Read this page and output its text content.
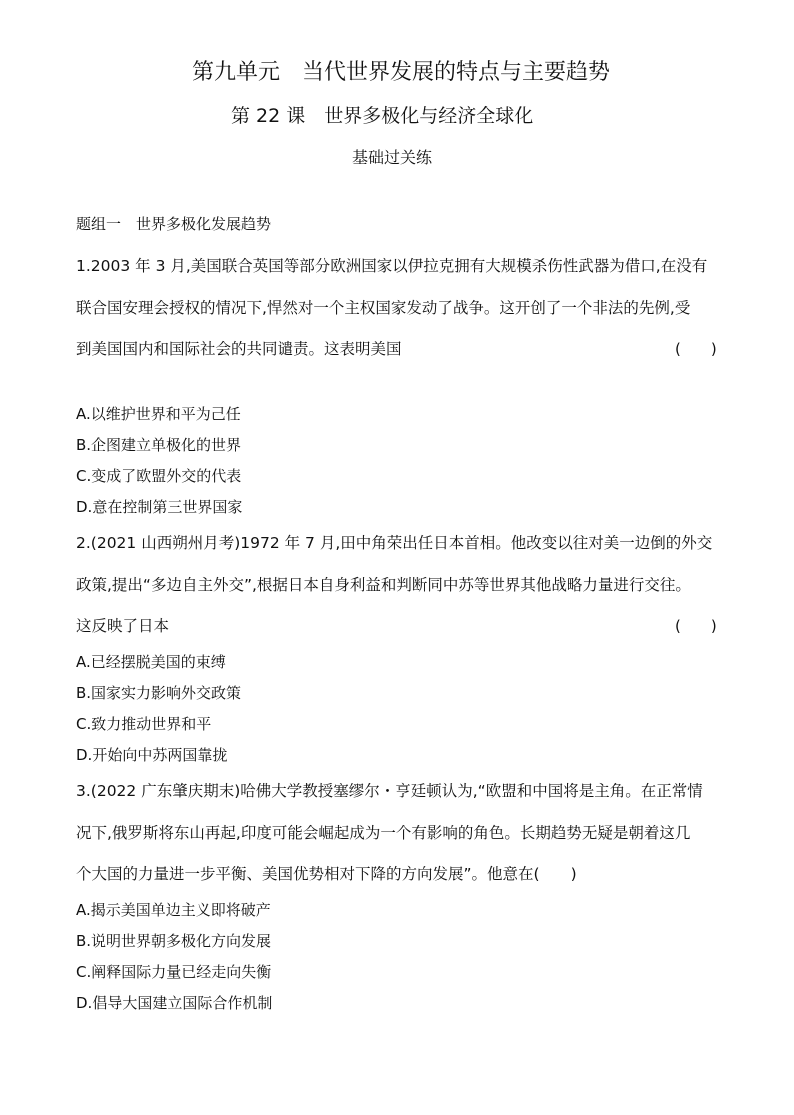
第九单元　当代世界发展的特点与主要趋势
第 22 课　世界多极化与经济全球化
基础过关练
题组一　世界多极化发展趋势
1.2003 年 3 月,美国联合英国等部分欧洲国家以伊拉克拥有大规模杀伤性武器为借口,在没有
联合国安理会授权的情况下,悍然对一个主权国家发动了战争。这开创了一个非法的先例,受
到美国国内和国际社会的共同谴责。这表明美国	(　　)
A.以维护世界和平为己任
B.企图建立单极化的世界
C.变成了欧盟外交的代表
D.意在控制第三世界国家
2.(2021 山西朔州月考)1972 年 7 月,田中角荣出任日本首相。他改变以往对美一边倒的外交
政策,提出“多边自主外交”,根据日本自身利益和判断同中苏等世界其他战略力量进行交往。
这反映了日本	(　　)
A.已经摆脱美国的束缚
B.国家实力影响外交政策
C.致力推动世界和平
D.开始向中苏两国靠拢
3.(2022 广东肇庆期末)哈佛大学教授塞缪尔・亨廷顿认为,“欧盟和中国将是主角。在正常情
况下,俄罗斯将东山再起,印度可能会崛起成为一个有影响的角色。长期趋势无疑是朝着这几
个大国的力量进一步平衡、美国优势相对下降的方向发展”。他意在(　　)
A.揭示美国单边主义即将破产
B.说明世界朝多极化方向发展
C.阐释国际力量已经走向失衡
D.倡导大国建立国际合作机制
